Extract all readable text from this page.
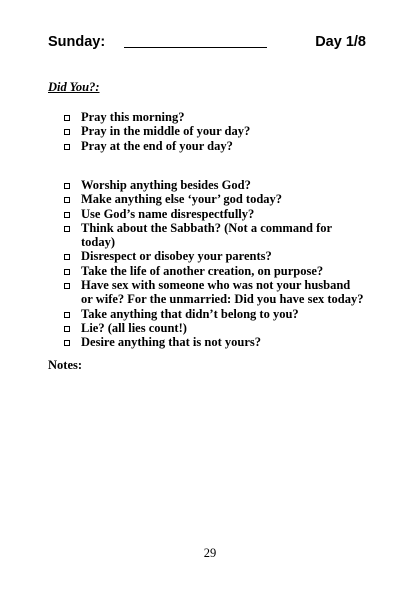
Sunday:	Day 1/8
Did You?:
Pray this morning?
Pray in the middle of your day?
Pray at the end of your day?
Worship anything besides God?
Make anything else ‘your’ god today?
Use God’s name disrespectfully?
Think about the Sabbath? (Not a command for today)
Disrespect or disobey your parents?
Take the life of another creation, on purpose?
Have sex with someone who was not your husband or wife? For the unmarried: Did you have sex today?
Take anything that didn’t belong to you?
Lie? (all lies count!)
Desire anything that is not yours?
Notes:
29
